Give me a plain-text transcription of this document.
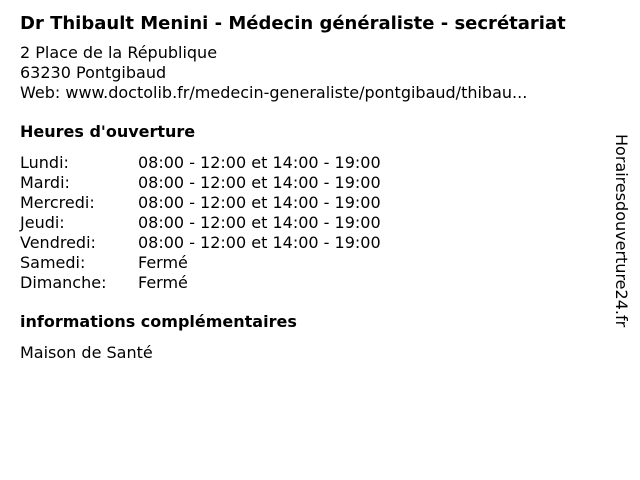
Dr Thibault Menini - Médecin généraliste - secrétariat
2 Place de la République
63230 Pontgibaud
Web: www.doctolib.fr/medecin-generaliste/pontgibaud/thibau...
Heures d'ouverture
Lundi:	08:00 - 12:00 et 14:00 - 19:00
Mardi:	08:00 - 12:00 et 14:00 - 19:00
Mercredi:	08:00 - 12:00 et 14:00 - 19:00
Jeudi:	08:00 - 12:00 et 14:00 - 19:00
Vendredi:	08:00 - 12:00 et 14:00 - 19:00
Samedi:	Fermé
Dimanche:	Fermé
informations complémentaires
Maison de Santé
Horairesdouverture24.fr
